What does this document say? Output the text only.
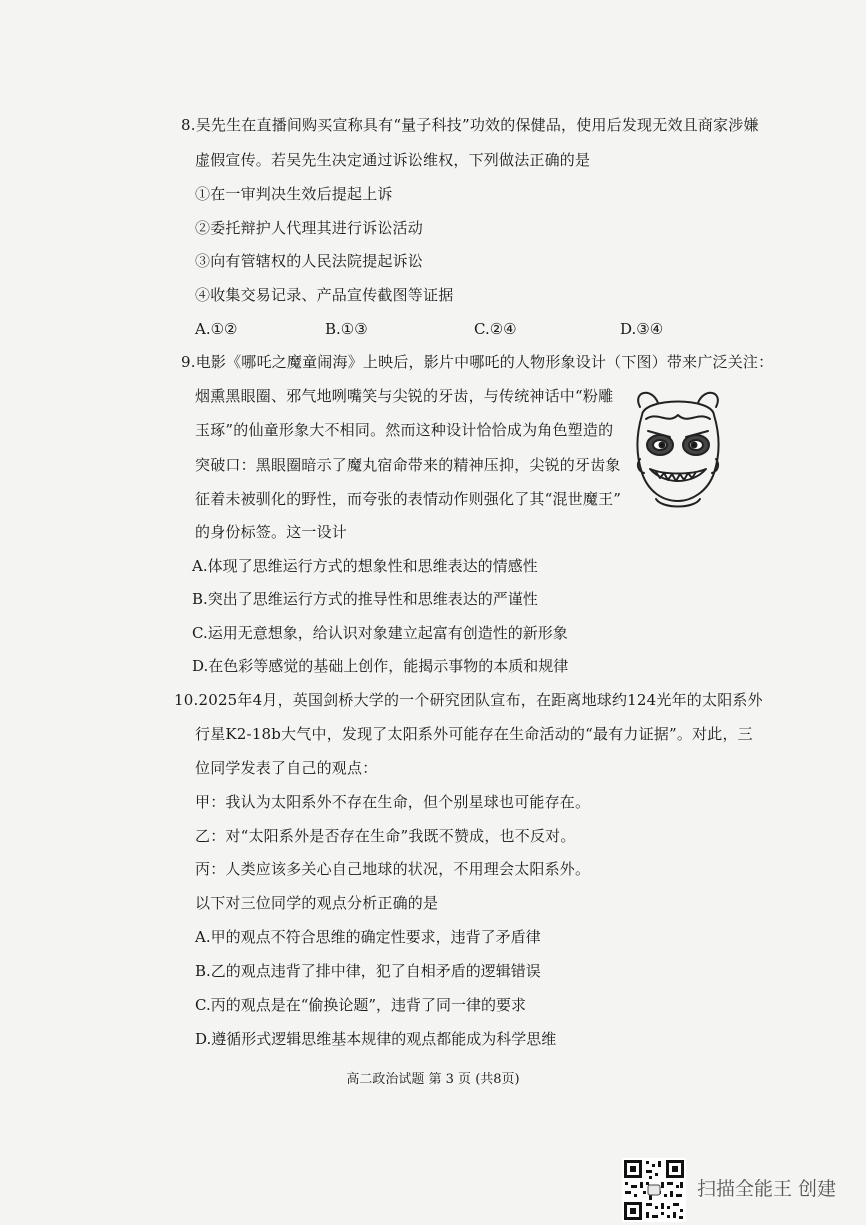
8.吴先生在直播间购买宣称具有“量子科技”功效的保健品，使用后发现无效且商家涉嫌
虚假宣传。若吴先生决定通过诉讼维权，下列做法正确的是
①在一审判决生效后提起上诉
②委托辩护人代理其进行诉讼活动
③向有管辖权的人民法院提起诉讼
④收集交易记录、产品宣传截图等证据
A.①②	B.①③	C.②④	D.③④
9.电影《哪吒之魔童闹海》上映后，影片中哪吒的人物形象设计（下图）带来广泛关注：
烟熏黑眼圈、邪气地咧嘴笑与尖锐的牙齿，与传统神话中“粉雕
玉琢”的仙童形象大不相同。然而这种设计恰恰成为角色塑造的
突破口：黑眼圈暗示了魔丸宿命带来的精神压抑，尖锐的牙齿象
征着未被驯化的野性，而夸张的表情动作则强化了其“混世魔王”
的身份标签。这一设计
A.体现了思维运行方式的想象性和思维表达的情感性
B.突出了思维运行方式的推导性和思维表达的严谨性
C.运用无意想象，给认识对象建立起富有创造性的新形象
D.在色彩等感觉的基础上创作，能揭示事物的本质和规律
10.2025年4月，英国剑桥大学的一个研究团队宣布，在距离地球约124光年的太阳系外
行星K2-18b大气中，发现了太阳系外可能存在生命活动的“最有力证据”。对此，三
位同学发表了自己的观点：
甲：我认为太阳系外不存在生命，但个别星球也可能存在。
乙：对“太阳系外是否存在生命”我既不赞成，也不反对。
丙：人类应该多关心自己地球的状况，不用理会太阳系外。
以下对三位同学的观点分析正确的是
A.甲的观点不符合思维的确定性要求，违背了矛盾律
B.乙的观点违背了排中律，犯了自相矛盾的逻辑错误
C.丙的观点是在“偷换论题”，违背了同一律的要求
D.遵循形式逻辑思维基本规律的观点都能成为科学思维
高二政治试题 第 3 页 (共8页)
扫描全能王 创建
